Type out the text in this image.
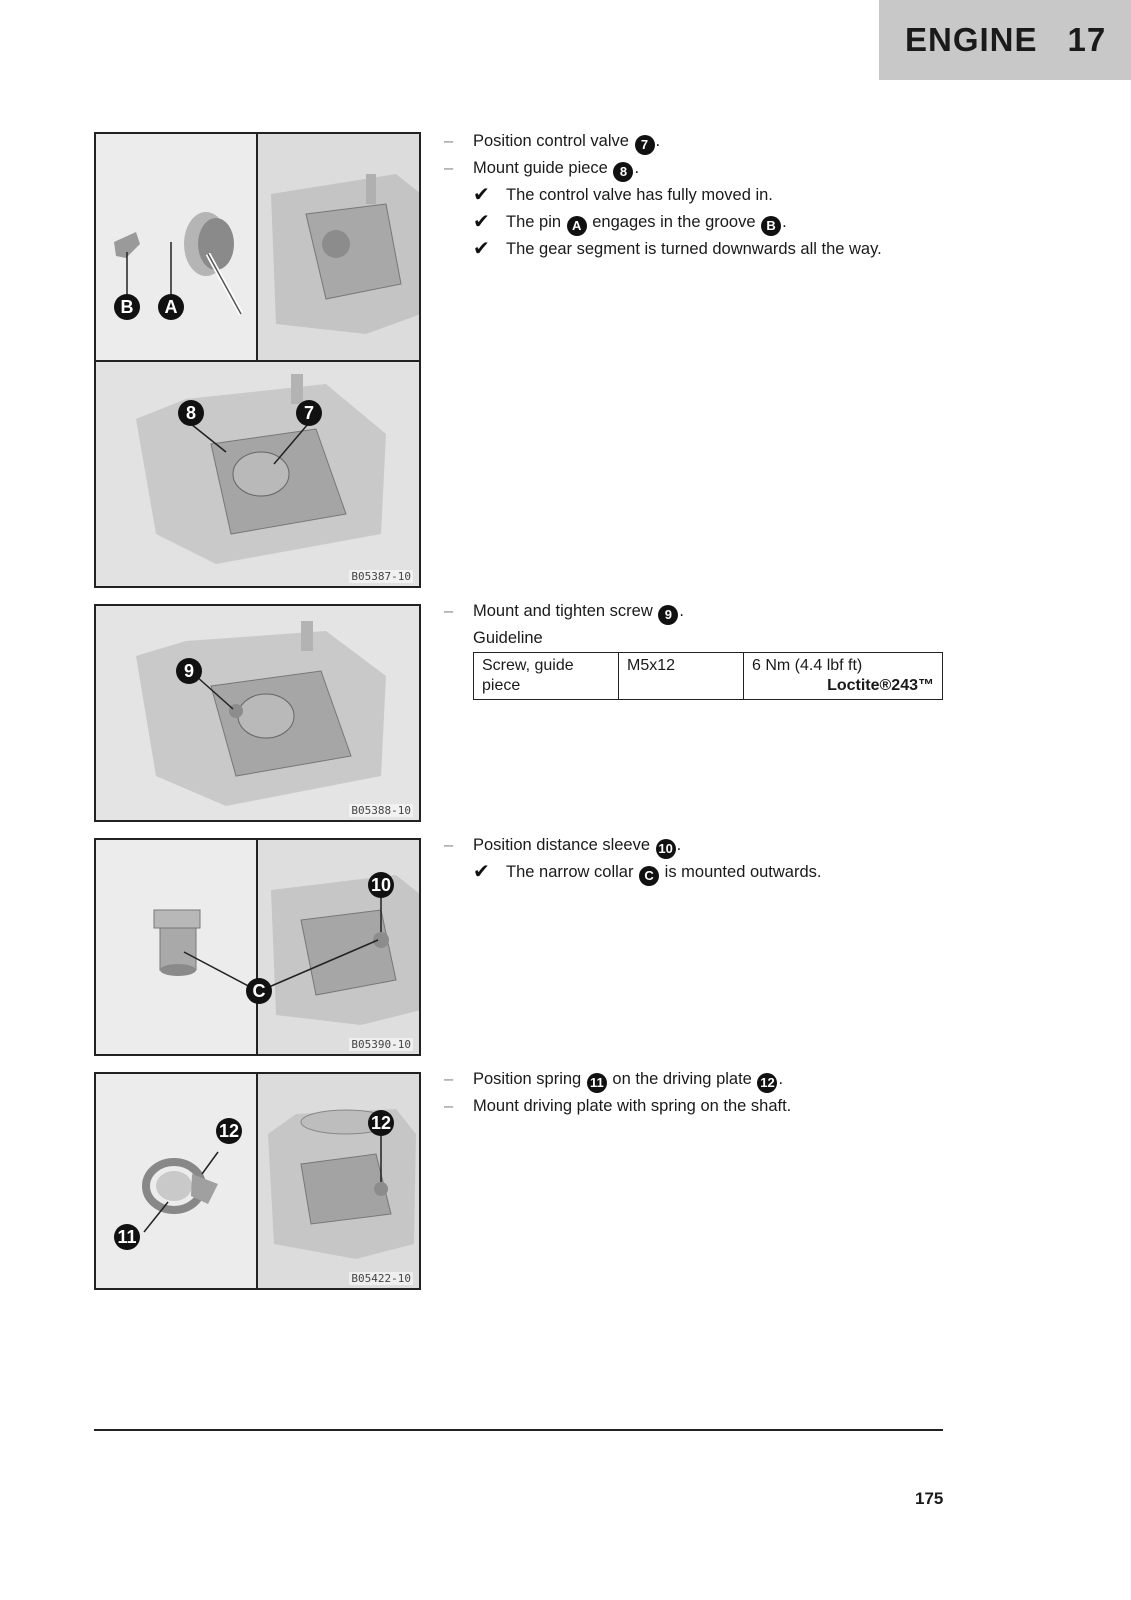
ENGINE 17
B	A
8	7
B05387-10
9
B05388-10
10
C
B05390-10
12
11
12
B05422-10
– Position control valve 7 .
– Mount guide piece 8 .
✔ The control valve has fully moved in.
✔ The pin A engages in the groove B .
✔ The gear segment is turned downwards all the way.
– Mount and tighten screw 9 .
Guideline
Screw, guide piece	M5x12	6 Nm (4.4 lbf ft)
Loctite®243™
– Position distance sleeve 10 .
✔ The narrow collar C is mounted outwards.
– Position spring 11 on the driving plate 12 .
– Mount driving plate with spring on the shaft.
175
